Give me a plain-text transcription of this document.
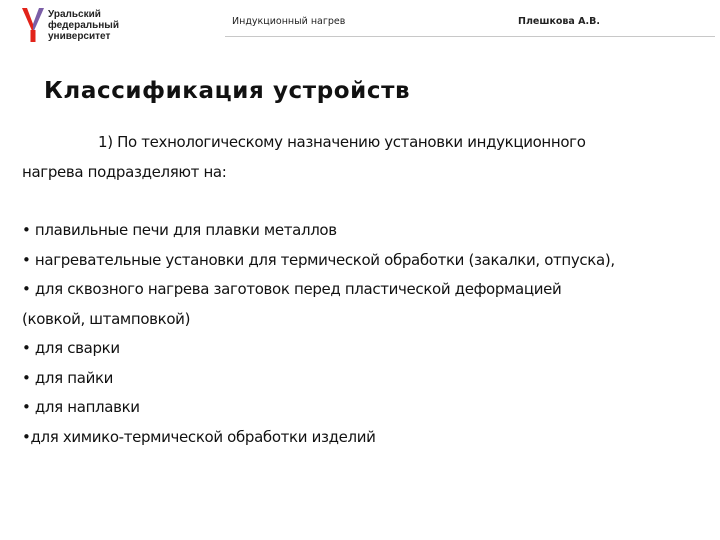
Уральский
федеральный
университет
Индукционный нагрев	Плешкова А.В.
Классификация устройств

1) По технологическому назначению установки индукционного

нагрева подразделяют на:

• плавильные печи для плавки металлов

• нагревательные установки для термической обработки (закалки, отпуска),

• для сквозного нагрева заготовок перед пластической деформацией

(ковкой, штамповкой)

• для сварки

• для пайки

• для наплавки

•для химико-термической обработки изделий
